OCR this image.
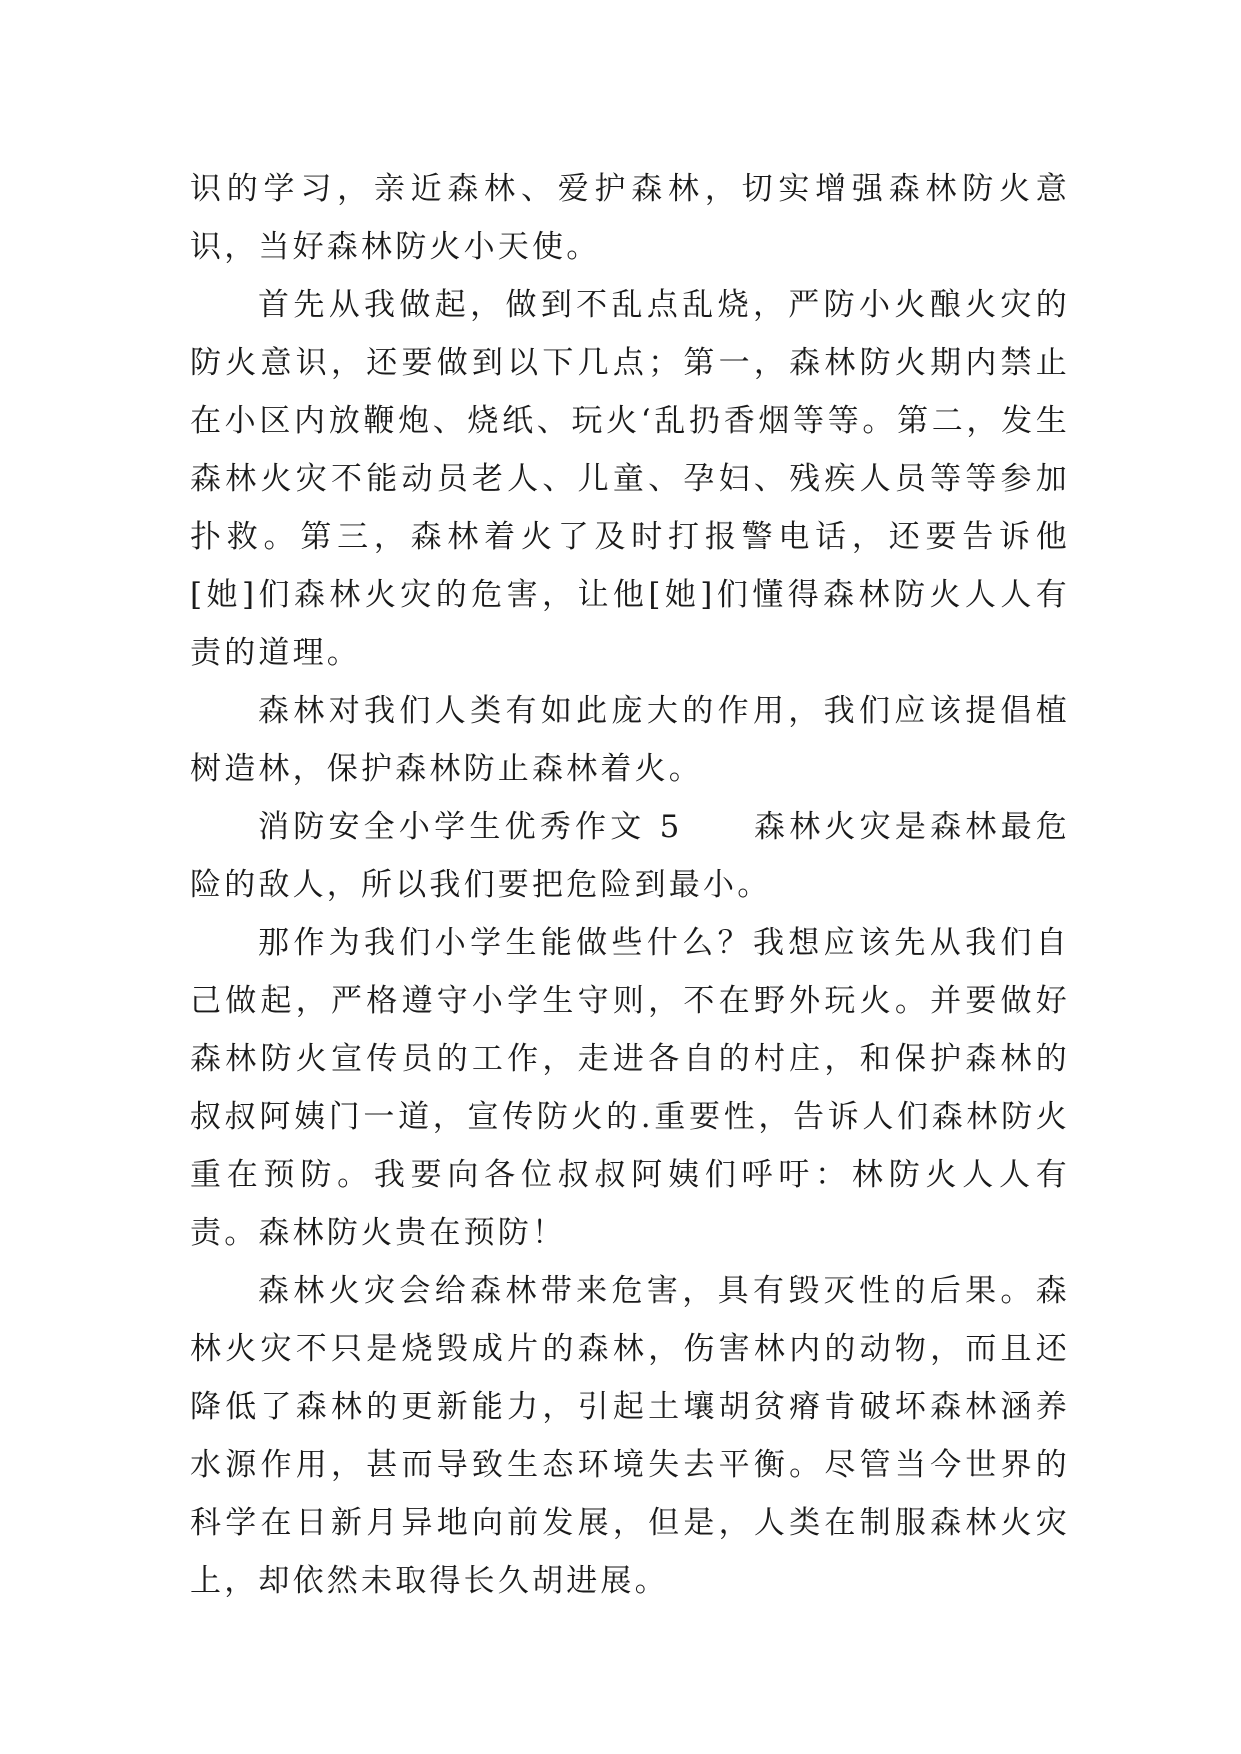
识的学习，亲近森林、爱护森林，切实增强森林防火意识，当好森林防火小天使。

首先从我做起，做到不乱点乱烧，严防小火酿火灾的防火意识，还要做到以下几点；第一，森林防火期内禁止在小区内放鞭炮、烧纸、玩火‘乱扔香烟等等。第二，发生森林火灾不能动员老人、儿童、孕妇、残疾人员等等参加扑救。第三，森林着火了及时打报警电话，还要告诉他[她]们森林火灾的危害，让他[她]们懂得森林防火人人有责的道理。

森林对我们人类有如此庞大的作用，我们应该提倡植树造林，保护森林防止森林着火。

消防安全小学生优秀作文 5　　森林火灾是森林最危险的敌人，所以我们要把危险到最小。

那作为我们小学生能做些什么？我想应该先从我们自己做起，严格遵守小学生守则，不在野外玩火。并要做好森林防火宣传员的工作，走进各自的村庄，和保护森林的叔叔阿姨门一道，宣传防火的.重要性，告诉人们森林防火重在预防。我要向各位叔叔阿姨们呼吁：林防火人人有责。森林防火贵在预防！

森林火灾会给森林带来危害，具有毁灭性的后果。森林火灾不只是烧毁成片的森林，伤害林内的动物，而且还降低了森林的更新能力，引起土壤胡贫瘠肯破坏森林涵养水源作用，甚而导致生态环境失去平衡。尽管当今世界的科学在日新月异地向前发展，但是，人类在制服森林火灾上，却依然未取得长久胡进展。
